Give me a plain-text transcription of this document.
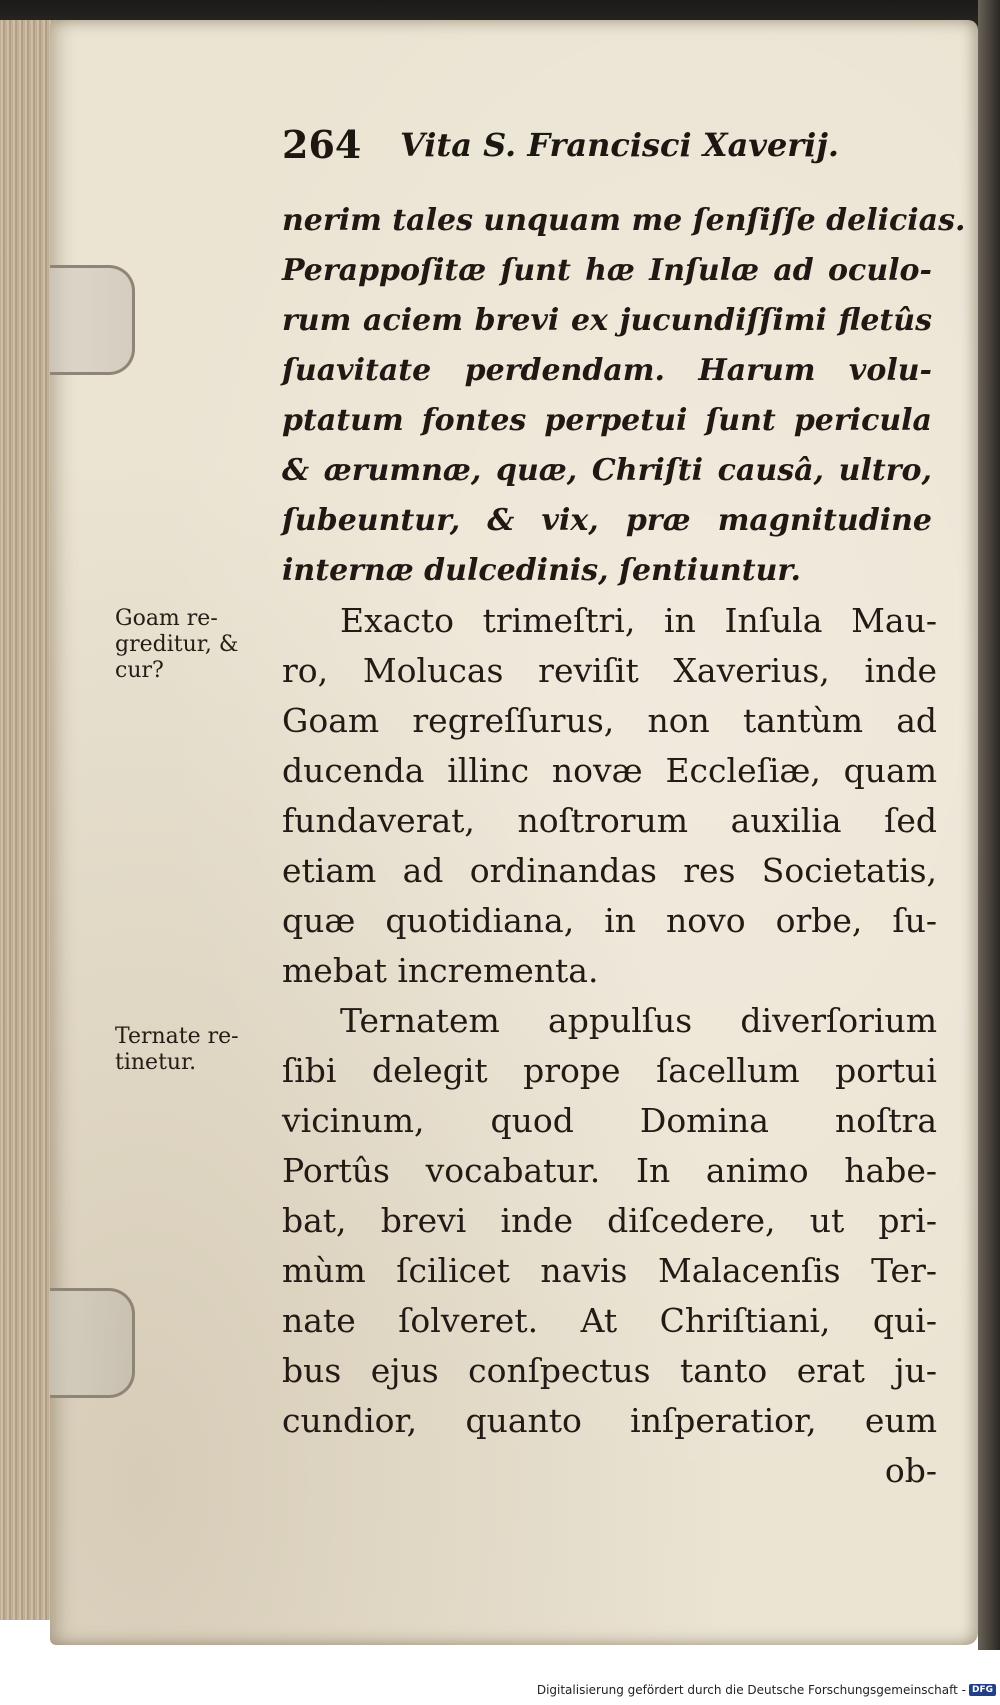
264 Vita S. Francisci Xaverij.
nerim tales unquam me ſenſiſſe delicias.
Perappoſitæ ſunt hæ Inſulæ ad oculo-
rum aciem brevi ex jucundiſſimi fletûs
ſuavitate perdendam. Harum volu-
ptatum fontes perpetui ſunt pericula
& ærumnæ, quæ, Chriſti causâ, ultro,
ſubeuntur, & vix, præ magnitudine
internæ dulcedinis, ſentiuntur.
Goam re-
greditur, &
cur?
Exacto trimeſtri, in Inſula Mau-
ro, Molucas reviſit Xaverius, inde
Goam regreſſurus, non tantùm ad
ducenda illinc novæ Eccleſiæ, quam
fundaverat, noſtrorum auxilia ſed
etiam ad ordinandas res Societatis,
quæ quotidiana, in novo orbe, ſu-
mebat incrementa.
Ternate re-
tinetur.
Ternatem appulſus diverſorium
ſibi delegit prope ſacellum portui
vicinum, quod Domina noſtra
Portûs vocabatur. In animo habe-
bat, brevi inde diſcedere, ut pri-
mùm ſcilicet navis Malacenſis Ter-
nate ſolveret. At Chriſtiani, qui-
bus ejus conſpectus tanto erat ju-
cundior, quanto inſperatior, eum
ob-
Digitalisierung gefördert durch die Deutsche Forschungsgemeinschaft - DFG
